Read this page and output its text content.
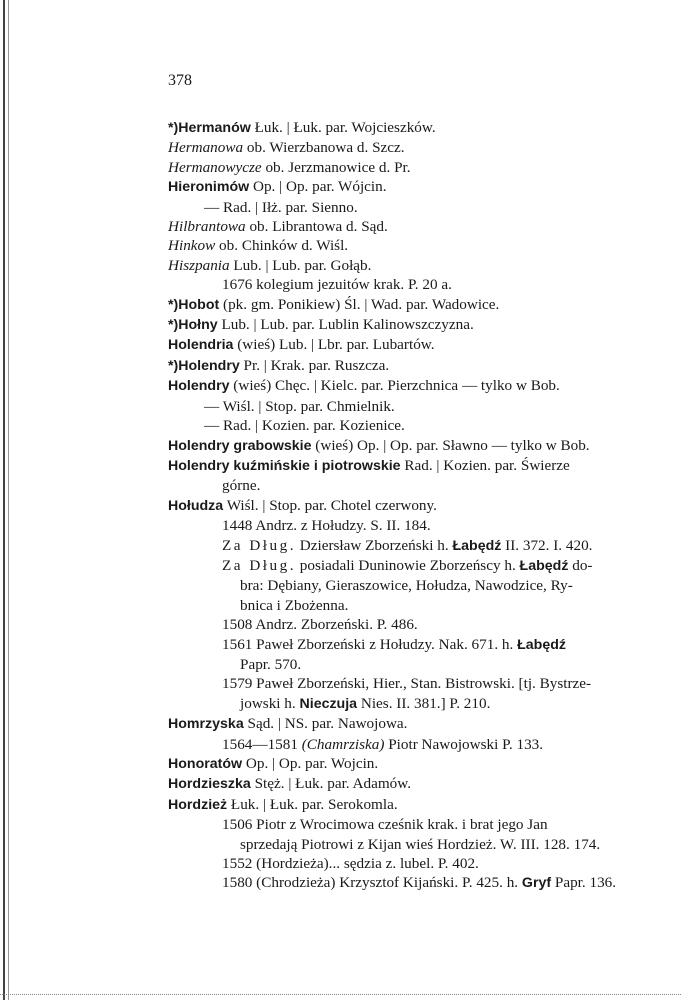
378
*)Hermanów Łuk. | Łuk. par. Wojcieszków.
Hermanowa ob. Wierzbanowa d. Szcz.
Hermanowycze ob. Jerzmanowice d. Pr.
Hieronimów Op. | Op. par. Wójcin.
— Rad. | Iłż. par. Sienno.
Hilbrantowa ob. Librantowa d. Sąd.
Hinkow ob. Chinków d. Wiśl.
Hiszpania Lub. | Lub. par. Gołąb.
1676 kolegium jezuitów krak. P. 20 a.
*)Hobot (pk. gm. Ponikiew) Śl. | Wad. par. Wadowice.
*)Hołny Lub. | Lub. par. Lublin Kalinowszczyzna.
Holendria (wieś) Lub. | Lbr. par. Lubartów.
*)Holendry Pr. | Krak. par. Ruszcza.
Holendry (wieś) Chęc. | Kielc. par. Pierzchnica — tylko w Bob.
— Wiśl. | Stop. par. Chmielnik.
— Rad. | Kozien. par. Kozienice.
Holendry grabowskie (wieś) Op. | Op. par. Sławno — tylko w Bob.
Holendry kuźmińskie i piotrowskie Rad. | Kozien. par. Świerze
górne.
Hołudza Wiśl. | Stop. par. Chotel czerwony.
1448 Andrz. z Hołudzy. S. II. 184.
Za Dług. Dziersław Zborzeński h. Łabędź II. 372. I. 420.
Za Dług. posiadali Duninowie Zborzeńscy h. Łabędź do-
bra: Dębiany, Gieraszowice, Hołudza, Nawodzice, Ry-
bnica i Zbożenna.
1508 Andrz. Zborzeński. P. 486.
1561 Paweł Zborzeński z Hołudzy. Nak. 671. h. Łabędź
Papr. 570.
1579 Paweł Zborzeński, Hier., Stan. Bistrowski. [tj. Bystrze-
jowski h. Nieczuja Nies. II. 381.] P. 210.
Homrzyska Sąd. | NS. par. Nawojowa.
1564—1581 (Chamrziska) Piotr Nawojowski P. 133.
Honoratów Op. | Op. par. Wojcin.
Hordzieszka Stęż. | Łuk. par. Adamów.
Hordzież Łuk. | Łuk. par. Serokomla.
1506 Piotr z Wrocimowa cześnik krak. i brat jego Jan
sprzedają Piotrowi z Kijan wieś Hordzież. W. III. 128. 174.
1552 (Hordzieża)... sędzia z. lubel. P. 402.
1580 (Chrodzieża) Krzysztof Kijański. P. 425. h. Gryf Papr. 136.
